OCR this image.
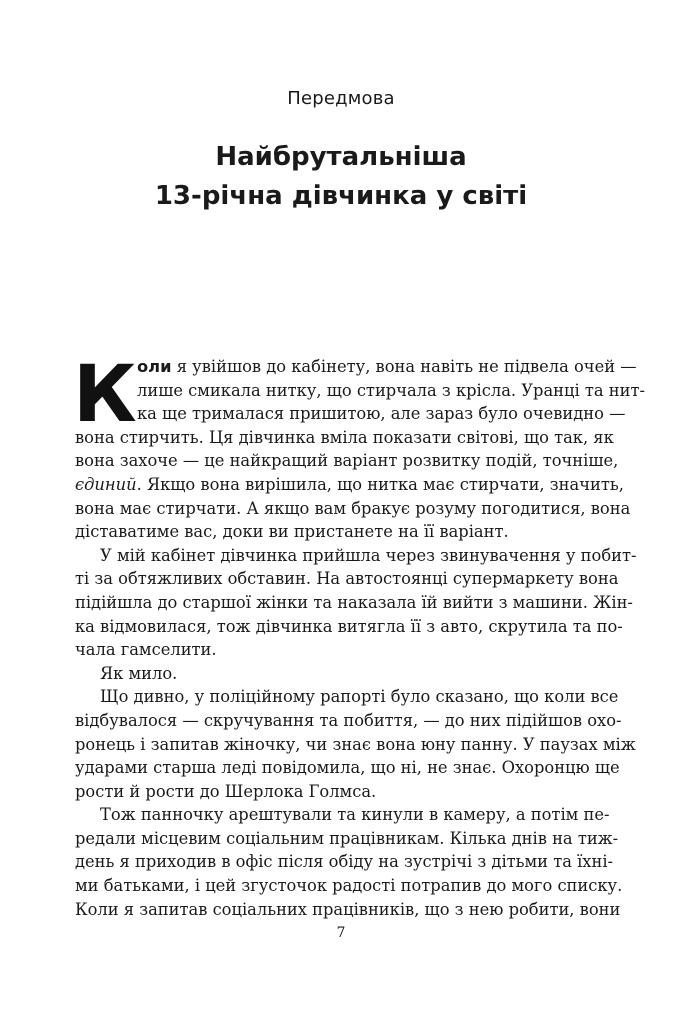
Передмова
Найбрутальніша
13-річна дівчинка у світі
К оли я увійшов до кабінету, вона навіть не підвела очей —
лише смикала нитку, що стирчала з крісла. Уранці та нит-
ка ще трималася пришитою, але зараз було очевидно —
вона стирчить. Ця дівчинка вміла показати світові, що так, як
вона захоче — це найкращий варіант розвитку подій, точніше,
єдиний. Якщо вона вирішила, що нитка має стирчати, значить,
вона має стирчати. А якщо вам бракує розуму погодитися, вона
діставатиме вас, доки ви пристанете на її варіант.
У мій кабінет дівчинка прийшла через звинувачення у побит-
ті за обтяжливих обставин. На автостоянці супермаркету вона
підійшла до старшої жінки та наказала їй вийти з машини. Жін-
ка відмовилася, тож дівчинка витягла її з авто, скрутила та по-
чала гамселити.
Як мило.
Що дивно, у поліційному рапорті було сказано, що коли все
відбувалося — скручування та побиття, — до них підійшов охо-
ронець і запитав жіночку, чи знає вона юну панну. У паузах між
ударами старша леді повідомила, що ні, не знає. Охоронцю ще
рости й рости до Шерлока Голмса.
Тож панночку арештували та кинули в камеру, а потім пе-
редали місцевим соціальним працівникам. Кілька днів на тиж-
день я приходив в офіс після обіду на зустрічі з дітьми та їхні-
ми батьками, і цей згусточок радості потрапив до мого списку.
Коли я запитав соціальних працівників, що з нею робити, вони
7
